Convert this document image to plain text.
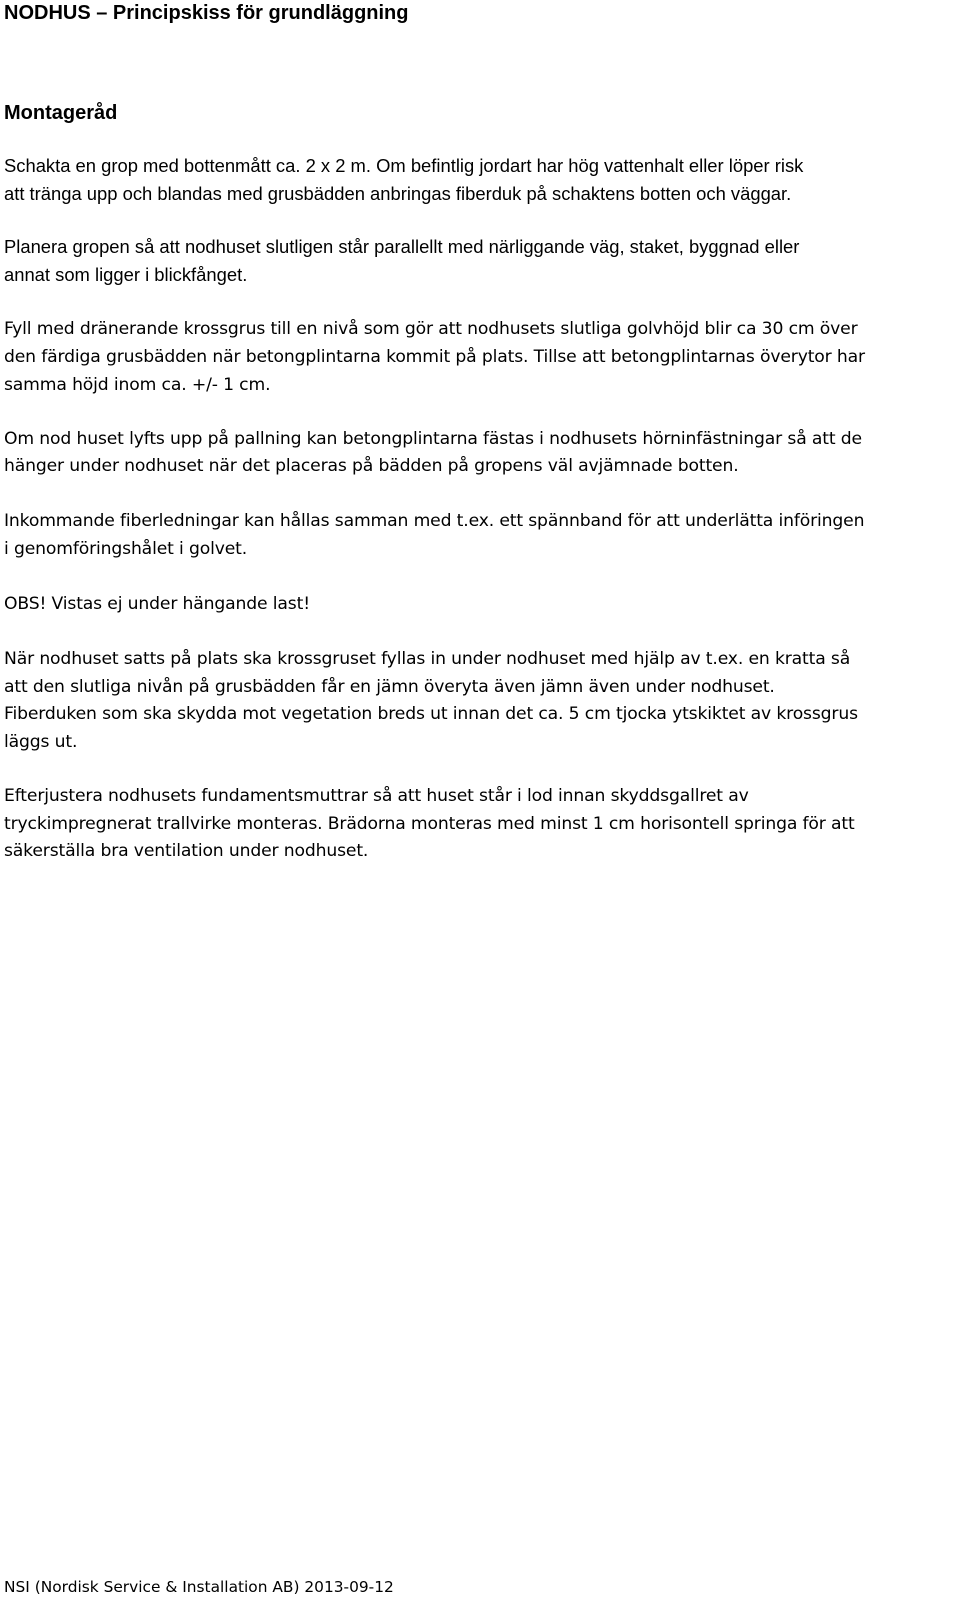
NODHUS – Principskiss för grundläggning
Montageråd

Schakta en grop med bottenmått ca. 2 x 2 m. Om befintlig jordart har hög vattenhalt eller löper risk

att tränga upp och blandas med grusbädden anbringas fiberduk på schaktens botten och väggar.

Planera gropen så att nodhuset slutligen står parallellt med närliggande väg, staket, byggnad eller

annat som ligger i blickfånget.

Fyll med dränerande krossgrus till en nivå som gör att nodhusets slutliga golvhöjd blir ca 30 cm över

den färdiga grusbädden när betongplintarna kommit på plats. Tillse att betongplintarnas överytor har

samma höjd inom ca. +/- 1 cm.

Om nod huset lyfts upp på pallning kan betongplintarna fästas i nodhusets hörninfästningar så att de

hänger under nodhuset när det placeras på bädden på gropens väl avjämnade botten.

Inkommande fiberledningar kan hållas samman med t.ex. ett spännband för att underlätta införingen

i genomföringshålet i golvet.

OBS! Vistas ej under hängande last!

När nodhuset satts på plats ska krossgruset fyllas in under nodhuset med hjälp av t.ex. en kratta så

att den slutliga nivån på grusbädden får en jämn överyta även jämn även under nodhuset.

Fiberduken som ska skydda mot vegetation breds ut innan det ca. 5 cm tjocka ytskiktet av krossgrus

läggs ut.

Efterjustera nodhusets fundamentsmuttrar så att huset står i lod innan skyddsgallret av

tryckimpregnerat trallvirke monteras. Brädorna monteras med minst 1 cm horisontell springa för att

säkerställa bra ventilation under nodhuset.

NSI (Nordisk Service & Installation AB) 2013-09-12
